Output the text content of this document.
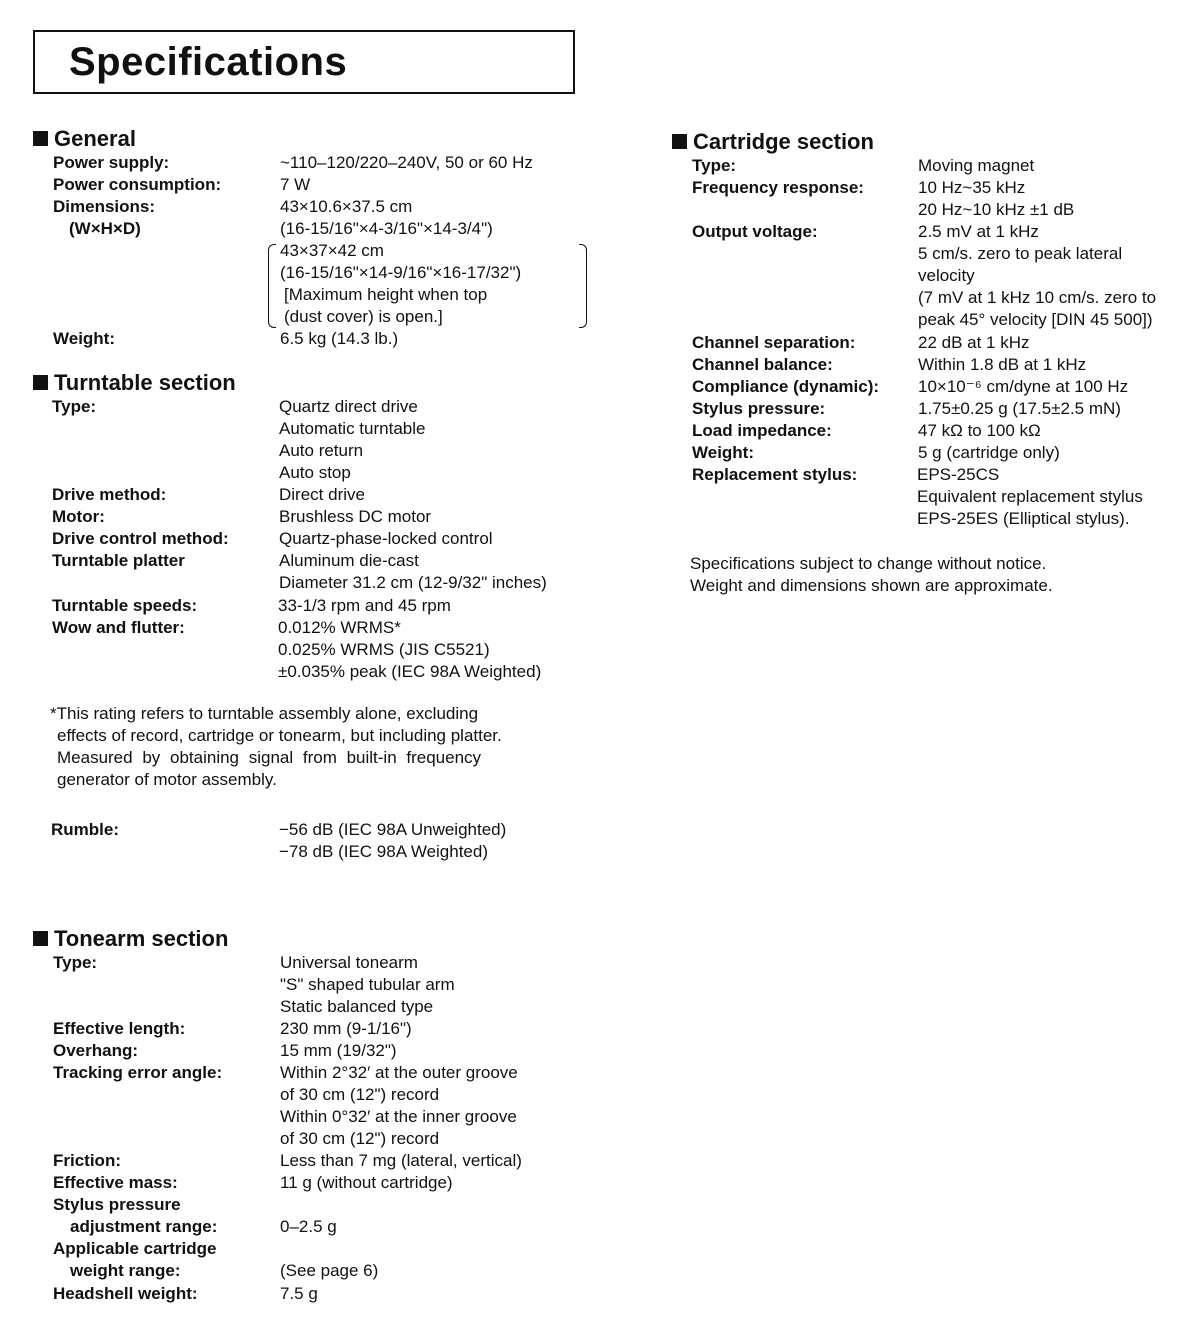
Specifications
General
Power supply:	~110–120/220–240V, 50 or 60 Hz
Power consumption:	7 W
Dimensions:
(W×H×D)
43×10.6×37.5 cm
(16-15/16"×4-3/16"×14-3/4")
43×37×42 cm
(16-15/16"×14-9/16"×16-17/32")
[Maximum height when top
(dust cover) is open.]
Weight:	6.5 kg (14.3 lb.)
Turntable section
Type:	Quartz direct drive
Automatic turntable
Auto return
Auto stop
Drive method:	Direct drive
Motor:	Brushless DC motor
Drive control method:	Quartz-phase-locked control
Turntable platter	Aluminum die-cast
Diameter 31.2 cm (12-9/32" inches)
Turntable speeds:	33-1/3 rpm and 45 rpm
Wow and flutter:	0.012% WRMS*
0.025% WRMS (JIS C5521)
±0.035% peak (IEC 98A Weighted)
*This rating refers to turntable assembly alone, excluding
effects of record, cartridge or tonearm, but including platter.
Measured by obtaining signal from built-in frequency
generator of motor assembly.
Rumble:	−56 dB (IEC 98A Unweighted)
−78 dB (IEC 98A Weighted)
Tonearm section
Type:	Universal tonearm
"S" shaped tubular arm
Static balanced type
Effective length:	230 mm (9-1/16")
Overhang:	15 mm (19/32")
Tracking error angle:	Within 2°32′ at the outer groove
of 30 cm (12") record
Within 0°32′ at the inner groove
of 30 cm (12") record
Friction:	Less than 7 mg (lateral, vertical)
Effective mass:	11 g (without cartridge)
Stylus pressure
adjustment range:	0–2.5 g
Applicable cartridge
weight range:	(See page 6)
Headshell weight:	7.5 g
Cartridge section
Type:	Moving magnet
Frequency response:	10 Hz~35 kHz
20 Hz~10 kHz ±1 dB
Output voltage:	2.5 mV at 1 kHz
5 cm/s. zero to peak lateral
velocity
(7 mV at 1 kHz 10 cm/s. zero to
peak 45° velocity [DIN 45 500])
Channel separation:	22 dB at 1 kHz
Channel balance:	Within 1.8 dB at 1 kHz
Compliance (dynamic): 10×10⁻⁶ cm/dyne at 100 Hz
Stylus pressure:	1.75±0.25 g (17.5±2.5 mN)
Load impedance:	47 kΩ to 100 kΩ
Weight:	5 g (cartridge only)
Replacement stylus:	EPS-25CS
Equivalent replacement stylus
EPS-25ES (Elliptical stylus).
Specifications subject to change without notice.
Weight and dimensions shown are approximate.
